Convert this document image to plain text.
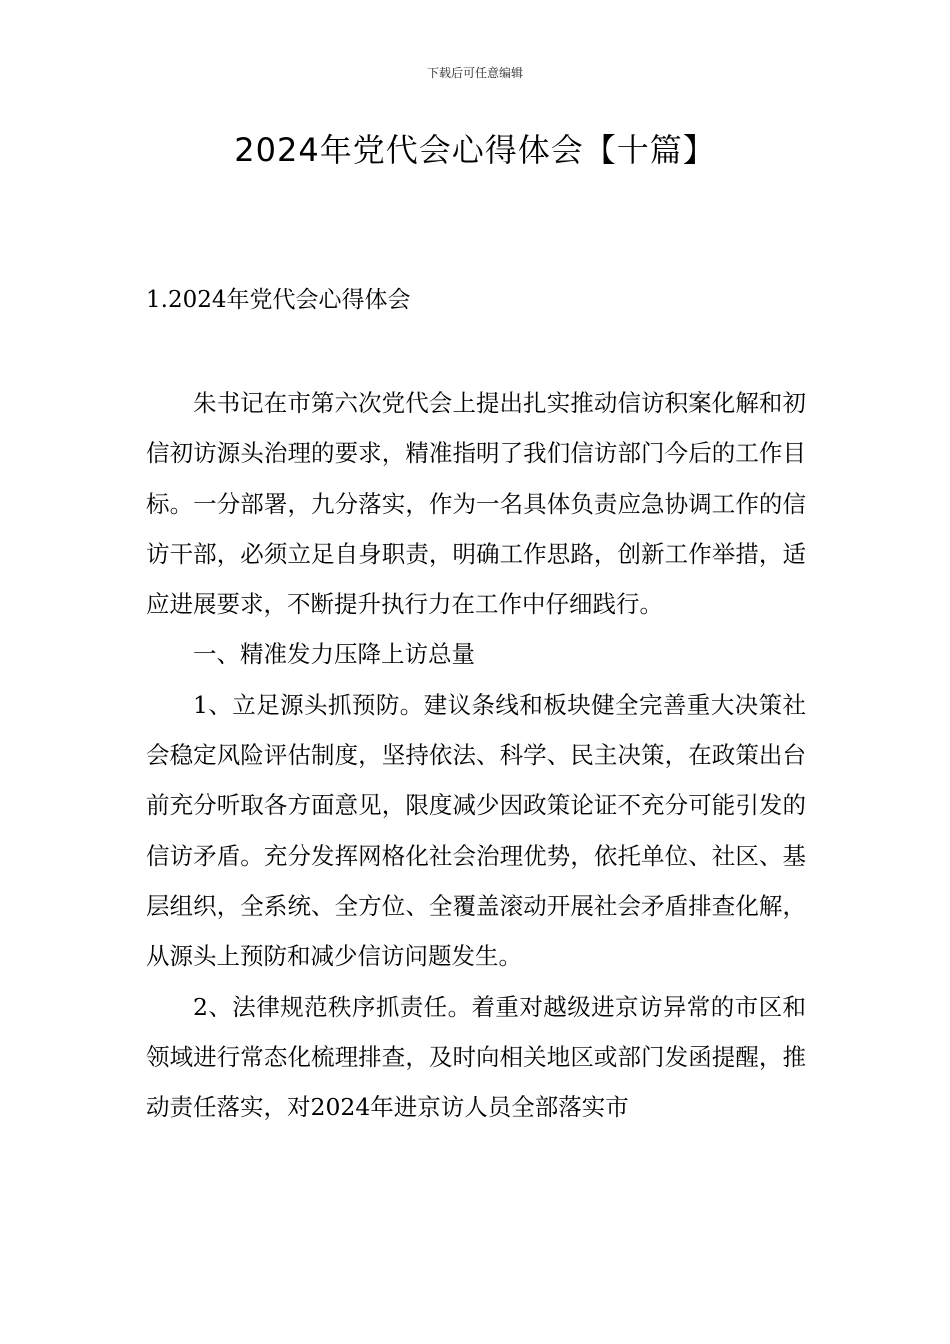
下载后可任意编辑
2024年党代会心得体会【十篇】
1.2024年党代会心得体会

朱书记在市第六次党代会上提出扎实推动信访积案化解和初信初访源头治理的要求，精准指明了我们信访部门今后的工作目标。一分部署，九分落实，作为一名具体负责应急协调工作的信访干部，必须立足自身职责，明确工作思路，创新工作举措，适应进展要求，不断提升执行力在工作中仔细践行。

一、精准发力压降上访总量

1、立足源头抓预防。建议条线和板块健全完善重大决策社会稳定风险评估制度，坚持依法、科学、民主决策，在政策出台前充分听取各方面意见，限度减少因政策论证不充分可能引发的信访矛盾。充分发挥网格化社会治理优势，依托单位、社区、基层组织，全系统、全方位、全覆盖滚动开展社会矛盾排查化解，从源头上预防和减少信访问题发生。

2、法律规范秩序抓责任。着重对越级进京访异常的市区和领域进行常态化梳理排查，及时向相关地区或部门发函提醒，推动责任落实，对2024年进京访人员全部落实市
